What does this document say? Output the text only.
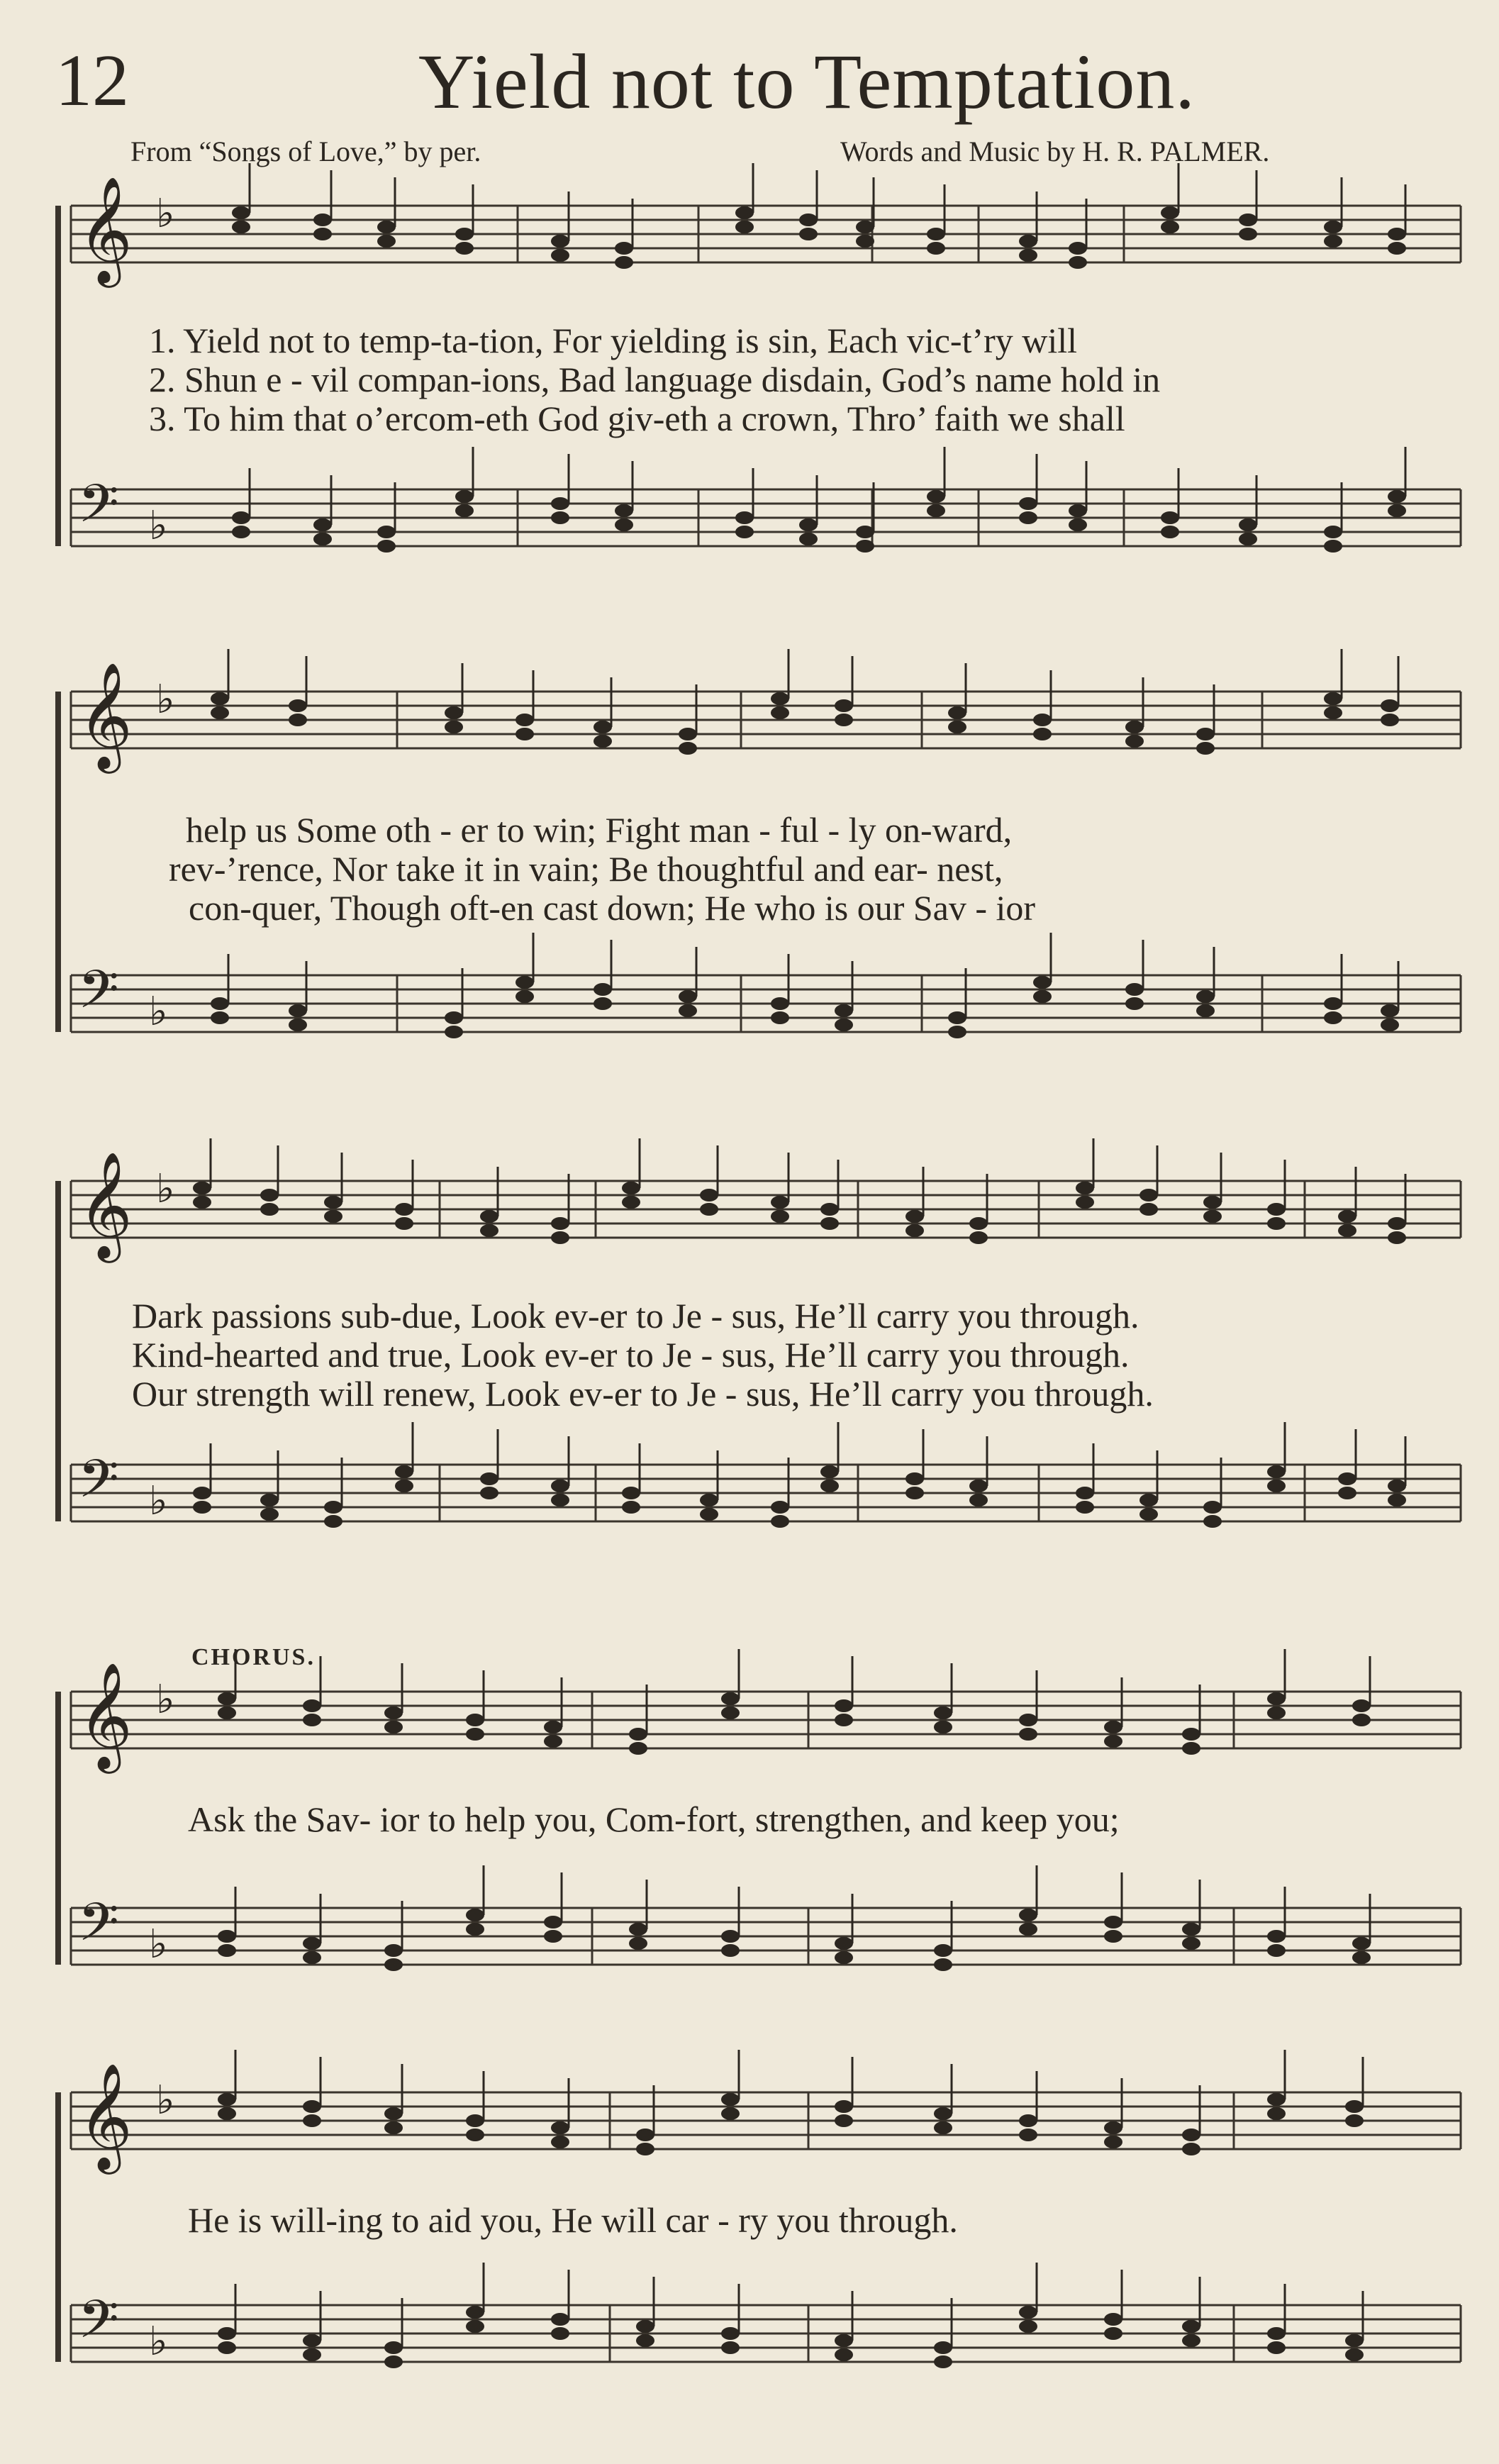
12	Yield not to Temptation.
From “Songs of Love,” by per.	Words and Music by H. R. PALMER.
𝄞 ♭
𝄢 ♭
𝄞 ♭
𝄢 ♭
𝄞 ♭
𝄢 ♭
𝄞 ♭
𝄢 ♭
𝄞 ♭
𝄢 ♭
1. Yield not to temp-ta-tion, For yielding is sin, Each vic-t’ry will
2. Shun e - vil compan-ions, Bad language disdain, God’s name hold in
3. To him that o’ercom-eth God giv-eth a crown, Thro’ faith we shall
help us Some oth - er to win; Fight man - ful - ly on-ward,
rev-’rence, Nor take it in vain; Be thoughtful and ear- nest,
con-quer, Though oft-en cast down; He who is our Sav - ior
Dark passions sub-due, Look ev-er to Je - sus, He’ll carry you through.
Kind-hearted and true, Look ev-er to Je - sus, He’ll carry you through.
Our strength will renew, Look ev-er to Je - sus, He’ll carry you through.
CHORUS.
Ask the Sav- ior to help you, Com-fort, strengthen, and keep you;
He is will-ing to aid you, He will car - ry you through.
